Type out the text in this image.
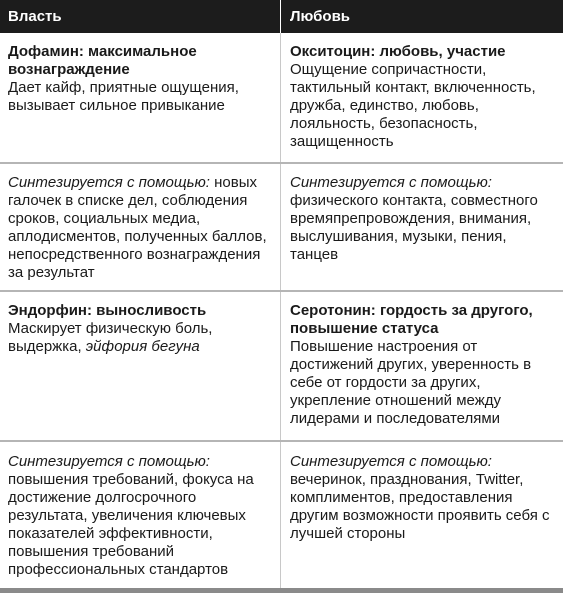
Власть	Любовь
Дофамин: максимальное вознаграждение
Дает кайф, приятные ощущения, вызывает сильное привыкание
Окситоцин: любовь, участие
Ощущение сопричастности, тактильный контакт, включенность, дружба, единство, любовь, лояльность, безопасность, защищенность
Синтезируется с помощью: новых галочек в списке дел, соблюдения сроков, социальных медиа, аплодисментов, полученных баллов, непосредственного вознаграждения за результат
Синтезируется с помощью:
физического контакта, совместного времяпрепровождения, внимания, выслушивания, музыки, пения, танцев
Эндорфин: выносливость
Маскирует физическую боль, выдержка, эйфория бегуна
Серотонин: гордость за другого, повышение статуса
Повышение настроения от достижений других, уверенность в себе от гордости за других, укрепление отношений между лидерами и последователями
Синтезируется с помощью:
повышения требований, фокуса на достижение долгосрочного результата, увеличения ключевых показателей эффективности, повышения требований профессиональных стандартов
Синтезируется с помощью:
вечеринок, празднования, Twitter, комплиментов, предоставления другим возможности проявить себя с лучшей стороны
